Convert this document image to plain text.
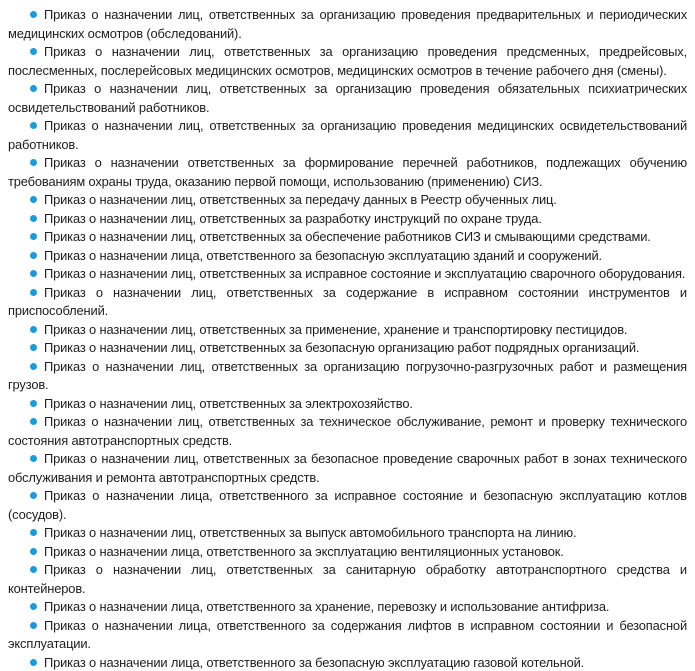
Приказ о назначении лиц, ответственных за организацию проведения предварительных и периодических медицинских осмотров (обследований).
Приказ о назначении лиц, ответственных за организацию проведения предсменных, предрейсовых, послесменных, послерейсовых медицинских осмотров, медицинских осмотров в течение рабочего дня (смены).
Приказ о назначении лиц, ответственных за организацию проведения обязательных психиатрических освидетельствований работников.
Приказ о назначении лиц, ответственных за организацию проведения медицинских освидетельствований работников.
Приказ о назначении ответственных за формирование перечней работников, подлежащих обучению требованиям охраны труда, оказанию первой помощи, использованию (применению) СИЗ.
Приказ о назначении лиц, ответственных за передачу данных в Реестр обученных лиц.
Приказ о назначении лиц, ответственных за разработку инструкций по охране труда.
Приказ о назначении лиц, ответственных за обеспечение работников СИЗ и смывающими средствами.
Приказ о назначении лица, ответственного за безопасную эксплуатацию зданий и сооружений.
Приказ о назначении лиц, ответственных за исправное состояние и эксплуатацию сварочного оборудования.
Приказ о назначении лиц, ответственных за содержание в исправном состоянии инструментов и приспособлений.
Приказ о назначении лиц, ответственных за применение, хранение и транспортировку пестицидов.
Приказ о назначении лиц, ответственных за безопасную организацию работ подрядных организаций.
Приказ о назначении лиц, ответственных за организацию погрузочно-разгрузочных работ и размещения грузов.
Приказ о назначении лиц, ответственных за электрохозяйство.
Приказ о назначении лиц, ответственных за техническое обслуживание, ремонт и проверку технического состояния автотранспортных средств.
Приказ о назначении лиц, ответственных за безопасное проведение сварочных работ в зонах технического обслуживания и ремонта автотранспортных средств.
Приказ о назначении лица, ответственного за исправное состояние и безопасную эксплуатацию котлов (сосудов).
Приказ о назначении лиц, ответственных за выпуск автомобильного транспорта на линию.
Приказ о назначении лица, ответственного за эксплуатацию вентиляционных установок.
Приказ о назначении лиц, ответственных за санитарную обработку автотранспортного средства и контейнеров.
Приказ о назначении лица, ответственного за хранение, перевозку и использование антифриза.
Приказ о назначении лица, ответственного за содержания лифтов в исправном состоянии и безопасной эксплуатации.
Приказ о назначении лица, ответственного за безопасную эксплуатацию газовой котельной.
